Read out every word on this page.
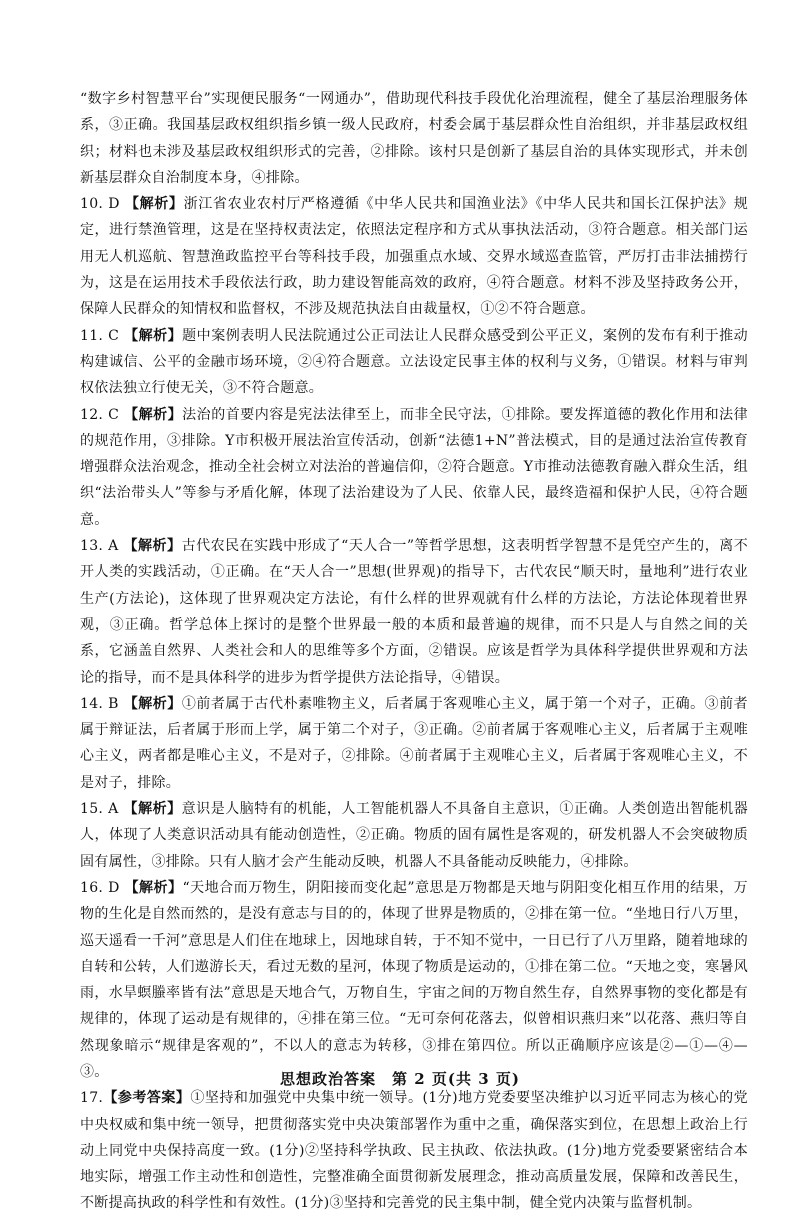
“数字乡村智慧平台”实现便民服务“一网通办”，借助现代科技手段优化治理流程，健全了基层治理服务体系，③正确。我国基层政权组织指乡镇一级人民政府，村委会属于基层群众性自治组织，并非基层政权组织；材料也未涉及基层政权组织形式的完善，②排除。该村只是创新了基层自治的具体实现形式，并未创新基层群众自治制度本身，④排除。

10. D 【解析】浙江省农业农村厅严格遵循《中华人民共和国渔业法》《中华人民共和国长江保护法》规定，进行禁渔管理，这是在坚持权责法定，依照法定程序和方式从事执法活动，③符合题意。相关部门运用无人机巡航、智慧渔政监控平台等科技手段，加强重点水域、交界水域巡查监管，严厉打击非法捕捞行为，这是在运用技术手段依法行政，助力建设智能高效的政府，④符合题意。材料不涉及坚持政务公开，保障人民群众的知情权和监督权，不涉及规范执法自由裁量权，①②不符合题意。

11. C 【解析】题中案例表明人民法院通过公正司法让人民群众感受到公平正义，案例的发布有利于推动构建诚信、公平的金融市场环境，②④符合题意。立法设定民事主体的权利与义务，①错误。材料与审判权依法独立行使无关，③不符合题意。

12. C 【解析】法治的首要内容是宪法法律至上，而非全民守法，①排除。要发挥道德的教化作用和法律的规范作用，③排除。Y市积极开展法治宣传活动，创新“法德1+N”普法模式，目的是通过法治宣传教育增强群众法治观念，推动全社会树立对法治的普遍信仰，②符合题意。Y市推动法德教育融入群众生活，组织“法治带头人”等参与矛盾化解，体现了法治建设为了人民、依靠人民，最终造福和保护人民，④符合题意。

13. A 【解析】古代农民在实践中形成了“天人合一”等哲学思想，这表明哲学智慧不是凭空产生的，离不开人类的实践活动，①正确。在“天人合一”思想(世界观)的指导下，古代农民“顺天时，量地利”进行农业生产(方法论)，这体现了世界观决定方法论，有什么样的世界观就有什么样的方法论，方法论体现着世界观，③正确。哲学总体上探讨的是整个世界最一般的本质和最普遍的规律，而不只是人与自然之间的关系，它涵盖自然界、人类社会和人的思维等多个方面，②错误。应该是哲学为具体科学提供世界观和方法论的指导，而不是具体科学的进步为哲学提供方法论指导，④错误。

14. B 【解析】①前者属于古代朴素唯物主义，后者属于客观唯心主义，属于第一个对子，正确。③前者属于辩证法，后者属于形而上学，属于第二个对子，③正确。②前者属于客观唯心主义，后者属于主观唯心主义，两者都是唯心主义，不是对子，②排除。④前者属于主观唯心主义，后者属于客观唯心主义，不是对子，排除。

15. A 【解析】意识是人脑特有的机能，人工智能机器人不具备自主意识，①正确。人类创造出智能机器人，体现了人类意识活动具有能动创造性，②正确。物质的固有属性是客观的，研发机器人不会突破物质固有属性，③排除。只有人脑才会产生能动反映，机器人不具备能动反映能力，④排除。

16. D 【解析】“天地合而万物生，阴阳接而变化起”意思是万物都是天地与阴阳变化相互作用的结果，万物的生化是自然而然的，是没有意志与目的的，体现了世界是物质的，②排在第一位。“坐地日行八万里，巡天遥看一千河”意思是人们住在地球上，因地球自转，于不知不觉中，一日已行了八万里路，随着地球的自转和公转，人们遨游长天，看过无数的星河，体现了物质是运动的，①排在第二位。“天地之变，寒暑风雨，水旱螟螣率皆有法”意思是天地合气，万物自生，宇宙之间的万物自然生存，自然界事物的变化都是有规律的，体现了运动是有规律的，④排在第三位。“无可奈何花落去，似曾相识燕归来”以花落、燕归等自然现象暗示“规律是客观的”，不以人的意志为转移，③排在第四位。所以正确顺序应该是②—①—④—③。

17.【参考答案】①坚持和加强党中央集中统一领导。(1分)地方党委要坚决维护以习近平同志为核心的党中央权威和集中统一领导，把贯彻落实党中央决策部署作为重中之重，确保落实到位，在思想上政治上行动上同党中央保持高度一致。(1分)②坚持科学执政、民主执政、依法执政。(1分)地方党委要紧密结合本地实际，增强工作主动性和创造性，完整准确全面贯彻新发展理念，推动高质量发展，保障和改善民生，不断提高执政的科学性和有效性。(1分)③坚持和完善党的民主集中制，健全党内决策与监督机制。

思想政治答案　第 2 页(共 3 页)
